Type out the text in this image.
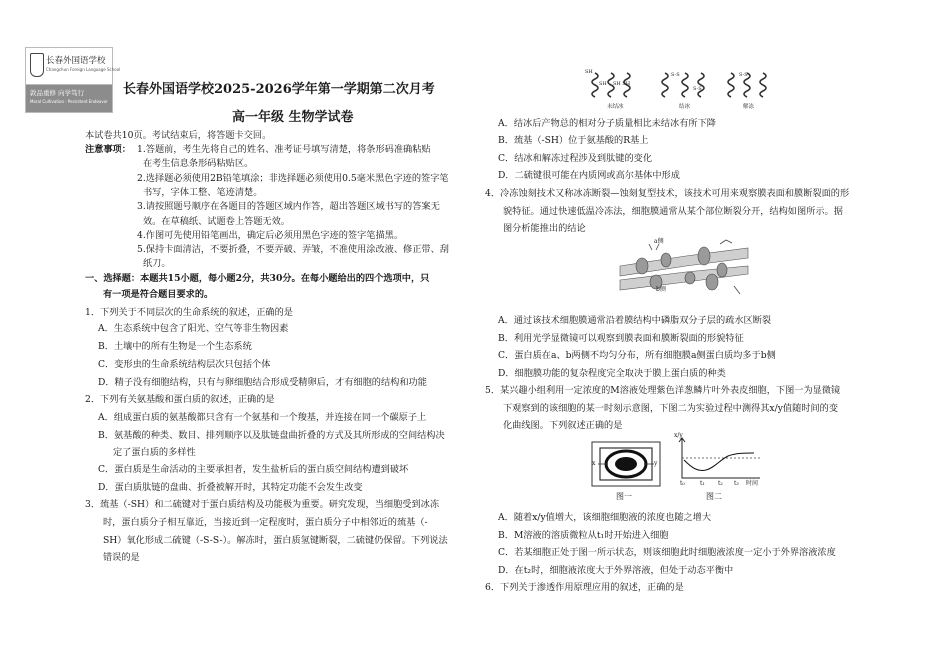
长春外国语学校
Changchun Foreign Language School
敦品重修 向学笃行
Moral Cultivation · Persistent Endeavor
长春外国语学校2025-2026学年第一学期第二次月考
高一年级 生物学试卷
本试卷共10页。考试结束后，将答题卡交回。
注意事项： 1.答题前，考生先将自己的姓名、准考证号填写清楚，将条形码准确粘贴
在考生信息条形码粘贴区。
2.选择题必须使用2B铅笔填涂；非选择题必须使用0.5毫米黑色字迹的签字笔
书写，字体工整、笔迹清楚。
3.请按照题号顺序在各题目的答题区域内作答，超出答题区域书写的答案无
效。在草稿纸、试题卷上答题无效。
4.作图可先使用铅笔画出，确定后必须用黑色字迹的签字笔描黑。
5.保持卡面清洁，不要折叠，不要弄破、弄皱，不准使用涂改液、修正带、刮
纸刀。
一、选择题：本题共15小题，每小题2分，共30分。在每小题给出的四个选项中，只
有一项是符合题目要求的。
1．下列关于不同层次的生命系统的叙述，正确的是
A．生态系统中包含了阳光、空气等非生物因素
B．土壤中的所有生物是一个生态系统
C．变形虫的生命系统结构层次只包括个体
D．精子没有细胞结构，只有与卵细胞结合形成受精卵后，才有细胞的结构和功能
2．下列有关氨基酸和蛋白质的叙述，正确的是
A．组成蛋白质的氨基酸都只含有一个氨基和一个羧基，并连接在同一个碳原子上
B．氨基酸的种类、数目、排列顺序以及肽链盘曲折叠的方式及其所形成的空间结构决
定了蛋白质的多样性
C．蛋白质是生命活动的主要承担者，发生盐析后的蛋白质空间结构遭到破坏
D．蛋白质肽链的盘曲、折叠被解开时，其特定功能不会发生改变
3．巯基（-SH）和二硫键对于蛋白质结构及功能极为重要。研究发现，当细胞受到冰冻
时，蛋白质分子相互靠近，当接近到一定程度时，蛋白质分子中相邻近的巯基（-
SH）氧化形成二硫键（-S-S-）。解冻时，蛋白质氢键断裂，二硫键仍保留。下列说法
错误的是
SH
SH SH SH
S-S
S-S
S-S
未结冰	结冰	解冻
A．结冰后产物总的相对分子质量相比未结冰有所下降
B．巯基（-SH）位于氨基酸的R基上
C．结冰和解冻过程涉及到肽键的变化
D．二硫键很可能在内质网或高尔基体中形成
4．冷冻蚀刻技术又称冰冻断裂—蚀刻复型技术，该技术可用来观察膜表面和膜断裂面的形
貌特征。通过快速低温冷冻法，细胞膜通常从某个部位断裂分开，结构如图所示。据
图分析能推出的结论
a侧
b侧
A．通过该技术细胞膜通常沿着膜结构中磷脂双分子层的疏水区断裂
B．利用光学显微镜可以观察到膜表面和膜断裂面的形貌特征
C．蛋白质在a、b两侧不均匀分布，所有细胞膜a侧蛋白质均多于b侧
D．细胞膜功能的复杂程度完全取决于膜上蛋白质的种类
5．某兴趣小组利用一定浓度的M溶液处理紫色洋葱鳞片叶外表皮细胞，下图一为显微镜
下观察到的该细胞的某一时刻示意图，下图二为实验过程中测得其x/y值随时间的变
化曲线图。下列叙述正确的是
x	y
图一
x/y
t₀	t₁ t₂ t₃ 时间
图二
A．随着x/y值增大，该细胞细胞液的浓度也随之增大
B．M溶液的溶质微粒从t₁时开始进入细胞
C．若某细胞正处于图一所示状态，则该细胞此时细胞液浓度一定小于外界溶液浓度
D．在t₂时，细胞液浓度大于外界溶液，但处于动态平衡中
6．下列关于渗透作用原理应用的叙述，正确的是
